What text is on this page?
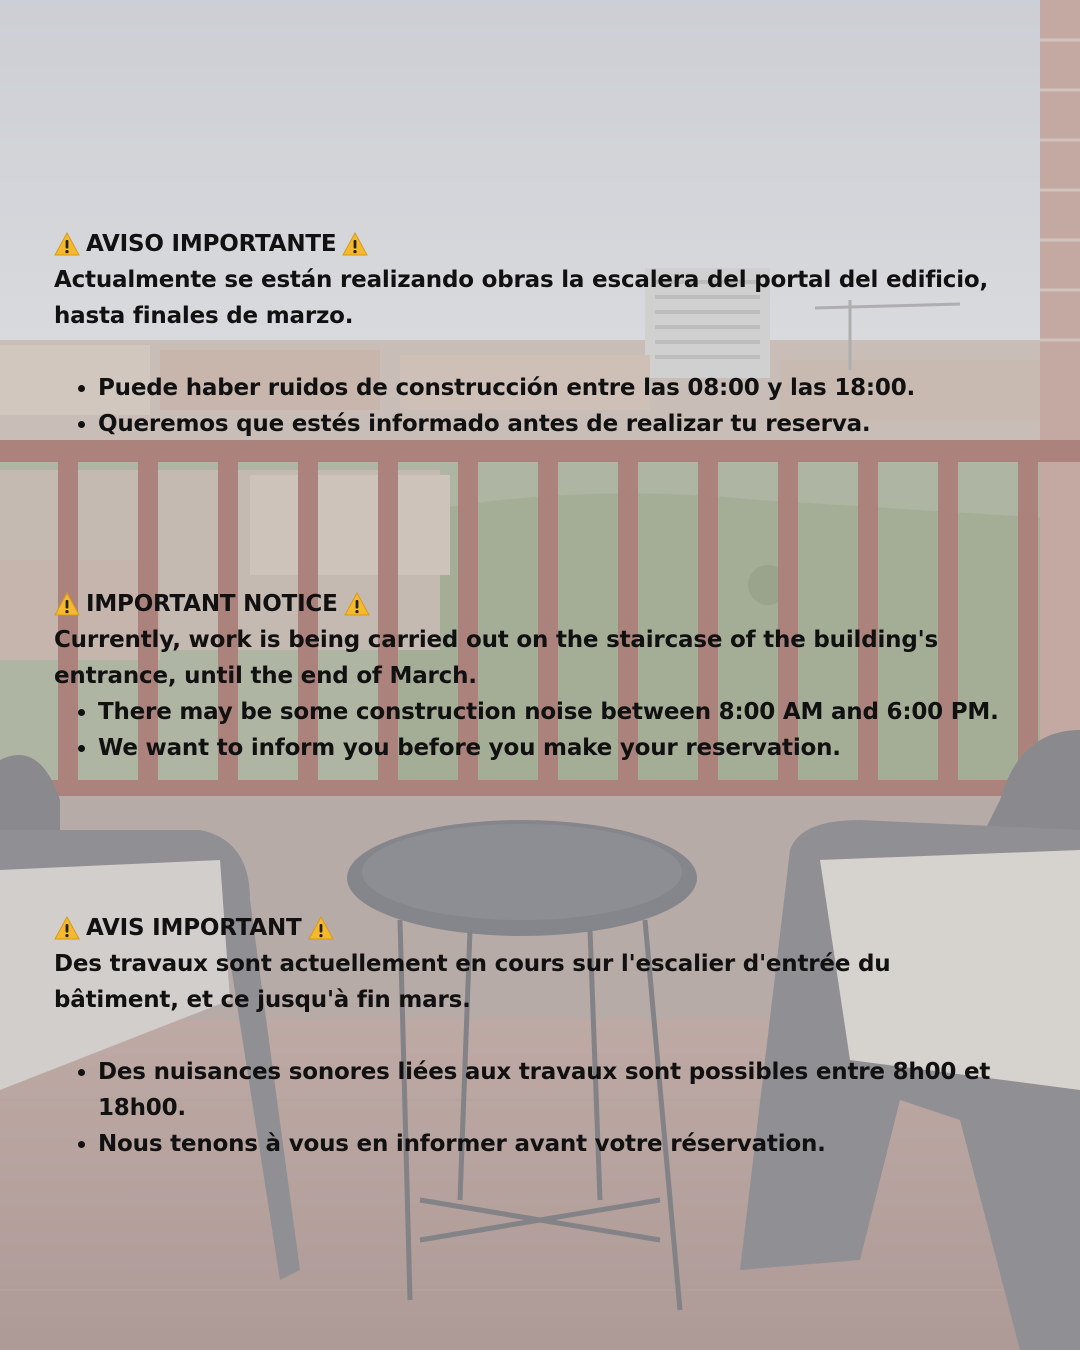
AVISO IMPORTANTE

Actualmente se están realizando obras la escalera del portal del edificio, hasta finales de marzo.

• Puede haber ruidos de construcción entre las 08:00 y las 18:00.
• Queremos que estés informado antes de realizar tu reserva.
IMPORTANT NOTICE

Currently, work is being carried out on the staircase of the building's entrance, until the end of March.

• There may be some construction noise between 8:00 AM and 6:00 PM.
• We want to inform you before you make your reservation.
AVIS IMPORTANT

Des travaux sont actuellement en cours sur l'escalier d'entrée du bâtiment, et ce jusqu'à fin mars.

• Des nuisances sonores liées aux travaux sont possibles entre 8h00 et 18h00.
• Nous tenons à vous en informer avant votre réservation.
